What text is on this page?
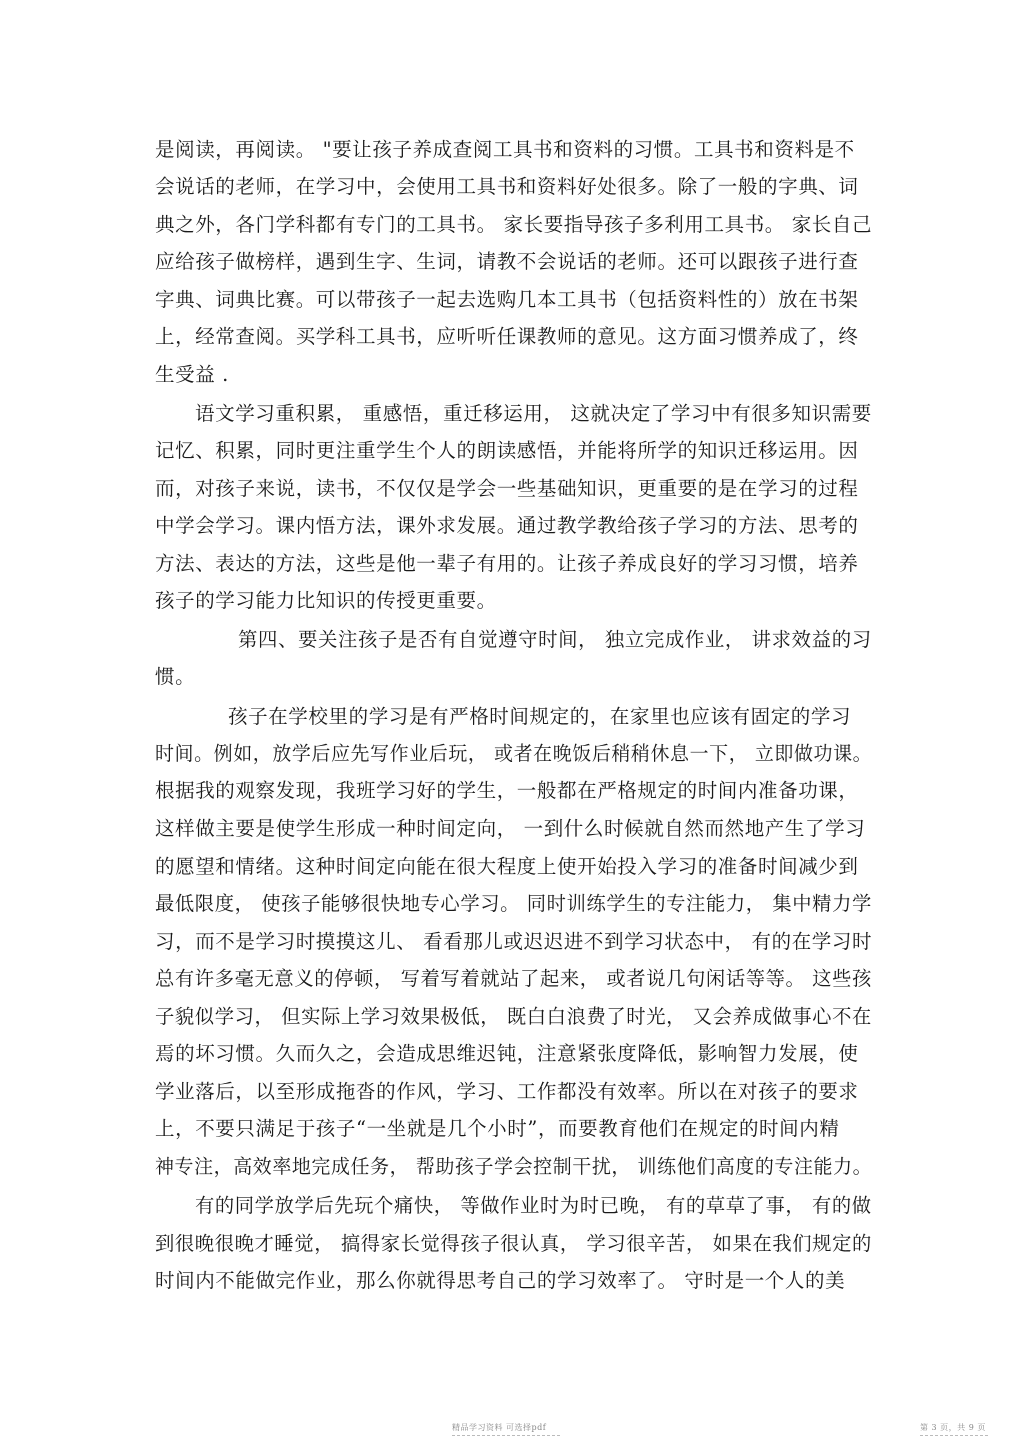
是阅读，再阅读。 "要让孩子养成查阅工具书和资料的习惯。工具书和资料是不
会说话的老师，在学习中，会使用工具书和资料好处很多。除了一般的字典、词
典之外，各门学科都有专门的工具书。 家长要指导孩子多利用工具书。 家长自己
应给孩子做榜样，遇到生字、生词，请教不会说话的老师。还可以跟孩子进行查
字典、词典比赛。可以带孩子一起去选购几本工具书（包括资料性的）放在书架
上，经常查阅。买学科工具书，应听听任课教师的意见。这方面习惯养成了，终
生受益 .
语文学习重积累， 重感悟，重迁移运用， 这就决定了学习中有很多知识需要
记忆、积累，同时更注重学生个人的朗读感悟，并能将所学的知识迁移运用。因
而，对孩子来说，读书，不仅仅是学会一些基础知识，更重要的是在学习的过程
中学会学习。课内悟方法，课外求发展。通过教学教给孩子学习的方法、思考的
方法、表达的方法，这些是他一辈子有用的。让孩子养成良好的学习习惯，培养
孩子的学习能力比知识的传授更重要。
第四、要关注孩子是否有自觉遵守时间， 独立完成作业， 讲求效益的习
惯。
孩子在学校里的学习是有严格时间规定的，在家里也应该有固定的学习
时间。例如，放学后应先写作业后玩， 或者在晚饭后稍稍休息一下， 立即做功课。
根据我的观察发现，我班学习好的学生，一般都在严格规定的时间内准备功课，
这样做主要是使学生形成一种时间定向， 一到什么时候就自然而然地产生了学习
的愿望和情绪。这种时间定向能在很大程度上使开始投入学习的准备时间减少到
最低限度， 使孩子能够很快地专心学习。 同时训练学生的专注能力， 集中精力学
习，而不是学习时摸摸这儿、 看看那儿或迟迟进不到学习状态中， 有的在学习时
总有许多毫无意义的停顿， 写着写着就站了起来， 或者说几句闲话等等。 这些孩
子貌似学习， 但实际上学习效果极低， 既白白浪费了时光， 又会养成做事心不在
焉的坏习惯。久而久之，会造成思维迟钝，注意紧张度降低，影响智力发展，使
学业落后，以至形成拖沓的作风，学习、工作都没有效率。所以在对孩子的要求
上，不要只满足于孩子“一坐就是几个小时”，而要教育他们在规定的时间内精
神专注，高效率地完成任务， 帮助孩子学会控制干扰， 训练他们高度的专注能力。
有的同学放学后先玩个痛快， 等做作业时为时已晚， 有的草草了事， 有的做
到很晚很晚才睡觉， 搞得家长觉得孩子很认真， 学习很辛苦， 如果在我们规定的
时间内不能做完作业，那么你就得思考自己的学习效率了。 守时是一个人的美
精品学习资料 可选择pdf	第 3 页，共 9 页
